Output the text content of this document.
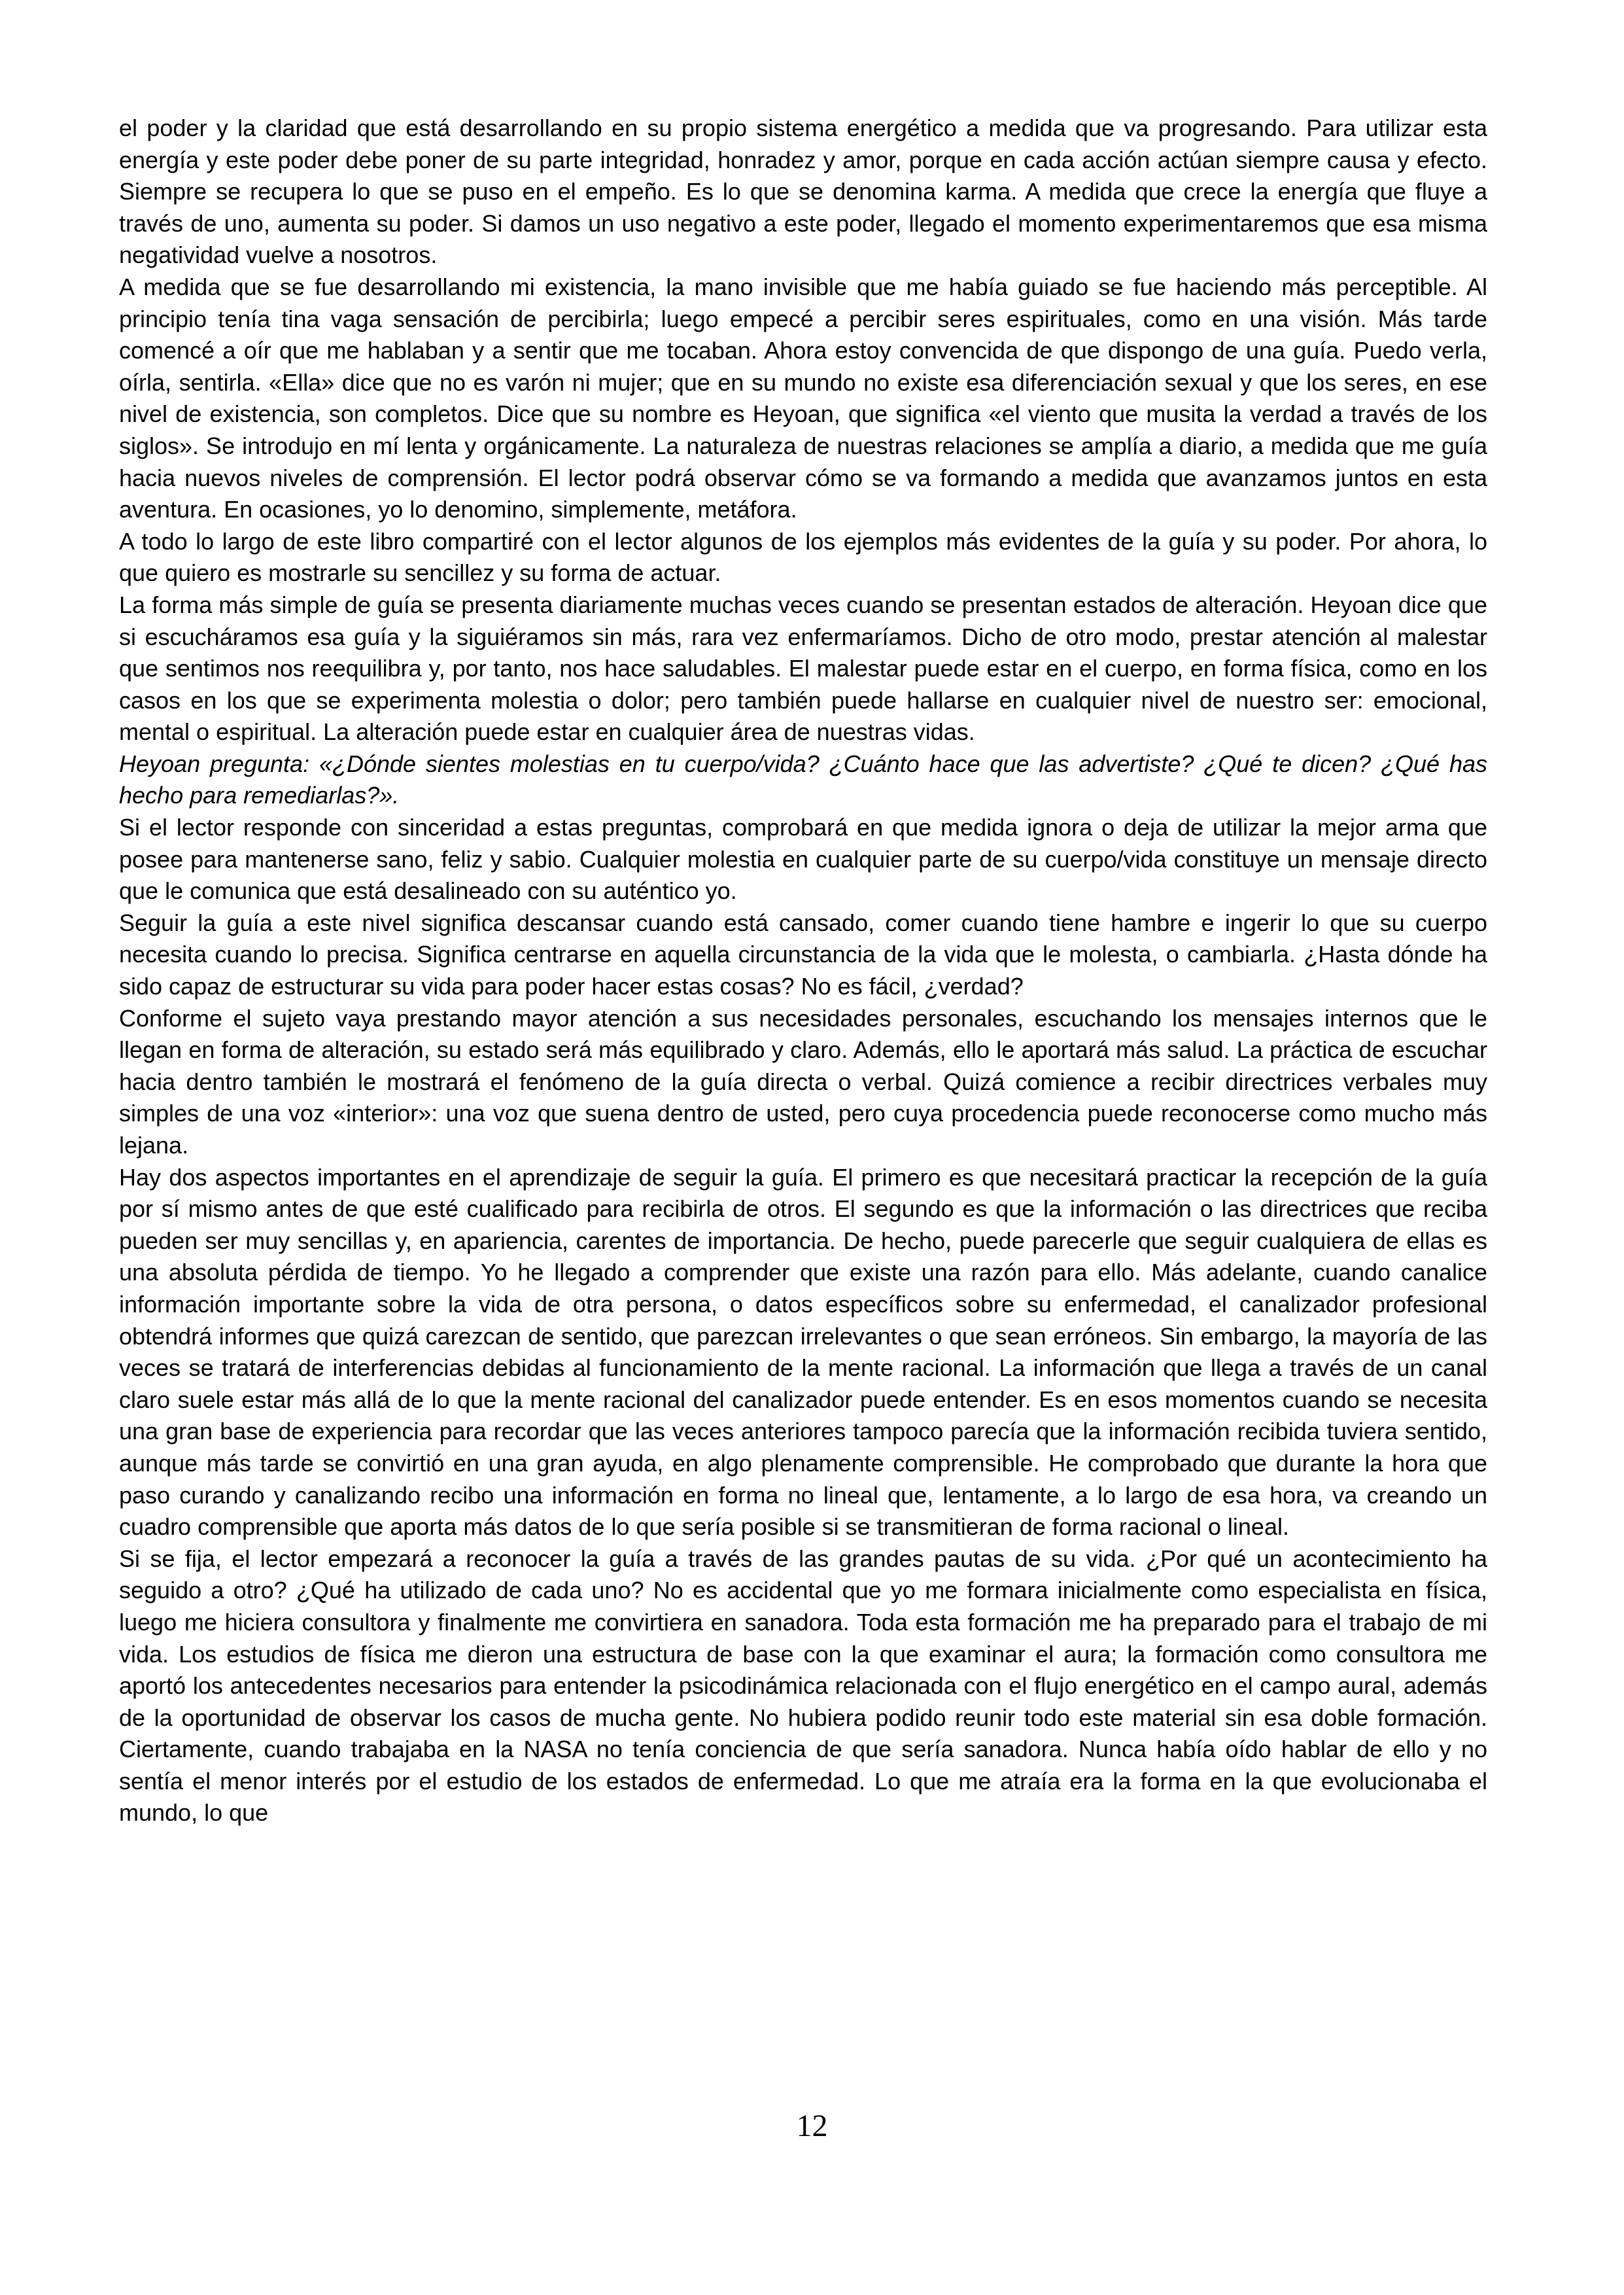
el poder y la claridad que está desarrollando en su propio sistema energético a medida que va progresando. Para utilizar esta energía y este poder debe poner de su parte integridad, honradez y amor, porque en cada acción actúan siempre causa y efecto. Siempre se recupera lo que se puso en el empeño. Es lo que se denomina karma. A medida que crece la energía que fluye a través de uno, aumenta su poder. Si damos un uso negativo a este poder, llegado el momento experimentaremos que esa misma negatividad vuelve a nosotros.

A medida que se fue desarrollando mi existencia, la mano invisible que me había guiado se fue haciendo más perceptible. Al principio tenía tina vaga sensación de percibirla; luego empecé a percibir seres espirituales, como en una visión. Más tarde comencé a oír que me hablaban y a sentir que me tocaban. Ahora estoy convencida de que dispongo de una guía. Puedo verla, oírla, sentirla. «Ella» dice que no es varón ni mujer; que en su mundo no existe esa diferenciación sexual y que los seres, en ese nivel de existencia, son completos. Dice que su nombre es Heyoan, que significa «el viento que musita la verdad a través de los siglos». Se introdujo en mí lenta y orgánicamente. La naturaleza de nuestras relaciones se amplía a diario, a medida que me guía hacia nuevos niveles de comprensión. El lector podrá observar cómo se va formando a medida que avanzamos juntos en esta aventura. En ocasiones, yo lo denomino, simplemente, metáfora.

A todo lo largo de este libro compartiré con el lector algunos de los ejemplos más evidentes de la guía y su poder. Por ahora, lo que quiero es mostrarle su sencillez y su forma de actuar.

La forma más simple de guía se presenta diariamente muchas veces cuando se presentan estados de alteración. Heyoan dice que si escucháramos esa guía y la siguiéramos sin más, rara vez enfermaríamos. Dicho de otro modo, prestar atención al malestar que sentimos nos reequilibra y, por tanto, nos hace saludables. El malestar puede estar en el cuerpo, en forma física, como en los casos en los que se experimenta molestia o dolor; pero también puede hallarse en cualquier nivel de nuestro ser: emocional, mental o espiritual. La alteración puede estar en cualquier área de nuestras vidas.

Heyoan pregunta: «¿Dónde sientes molestias en tu cuerpo/vida? ¿Cuánto hace que las advertiste? ¿Qué te dicen? ¿Qué has hecho para remediarlas?».

Si el lector responde con sinceridad a estas preguntas, comprobará en que medida ignora o deja de utilizar la mejor arma que posee para mantenerse sano, feliz y sabio. Cualquier molestia en cualquier parte de su cuerpo/vida constituye un mensaje directo que le comunica que está desalineado con su auténtico yo.

Seguir la guía a este nivel significa descansar cuando está cansado, comer cuando tiene hambre e ingerir lo que su cuerpo necesita cuando lo precisa. Significa centrarse en aquella circunstancia de la vida que le molesta, o cambiarla. ¿Hasta dónde ha sido capaz de estructurar su vida para poder hacer estas cosas? No es fácil, ¿verdad?

Conforme el sujeto vaya prestando mayor atención a sus necesidades personales, escuchando los mensajes internos que le llegan en forma de alteración, su estado será más equilibrado y claro. Además, ello le aportará más salud. La práctica de escuchar hacia dentro también le mostrará el fenómeno de la guía directa o verbal. Quizá comience a recibir directrices verbales muy simples de una voz «interior»: una voz que suena dentro de usted, pero cuya procedencia puede reconocerse como mucho más lejana.

Hay dos aspectos importantes en el aprendizaje de seguir la guía. El primero es que necesitará practicar la recepción de la guía por sí mismo antes de que esté cualificado para recibirla de otros. El segundo es que la información o las directrices que reciba pueden ser muy sencillas y, en apariencia, carentes de importancia. De hecho, puede parecerle que seguir cualquiera de ellas es una absoluta pérdida de tiempo. Yo he llegado a comprender que existe una razón para ello. Más adelante, cuando canalice información importante sobre la vida de otra persona, o datos específicos sobre su enfermedad, el canalizador profesional obtendrá informes que quizá carezcan de sentido, que parezcan irrelevantes o que sean erróneos. Sin embargo, la mayoría de las veces se tratará de interferencias debidas al funcionamiento de la mente racional. La información que llega a través de un canal claro suele estar más allá de lo que la mente racional del canalizador puede entender. Es en esos momentos cuando se necesita una gran base de experiencia para recordar que las veces anteriores tampoco parecía que la información recibida tuviera sentido, aunque más tarde se convirtió en una gran ayuda, en algo plenamente comprensible. He comprobado que durante la hora que paso curando y canalizando recibo una información en forma no lineal que, lentamente, a lo largo de esa hora, va creando un cuadro comprensible que aporta más datos de lo que sería posible si se transmitieran de forma racional o lineal.

Si se fija, el lector empezará a reconocer la guía a través de las grandes pautas de su vida. ¿Por qué un acontecimiento ha seguido a otro? ¿Qué ha utilizado de cada uno? No es accidental que yo me formara inicialmente como especialista en física, luego me hiciera consultora y finalmente me convirtiera en sanadora. Toda esta formación me ha preparado para el trabajo de mi vida. Los estudios de física me dieron una estructura de base con la que examinar el aura; la formación como consultora me aportó los antecedentes necesarios para entender la psicodinámica relacionada con el flujo energético en el campo aural, además de la oportunidad de observar los casos de mucha gente. No hubiera podido reunir todo este material sin esa doble formación. Ciertamente, cuando trabajaba en la NASA no tenía conciencia de que sería sanadora. Nunca había oído hablar de ello y no sentía el menor interés por el estudio de los estados de enfermedad. Lo que me atraía era la forma en la que evolucionaba el mundo, lo que

12
